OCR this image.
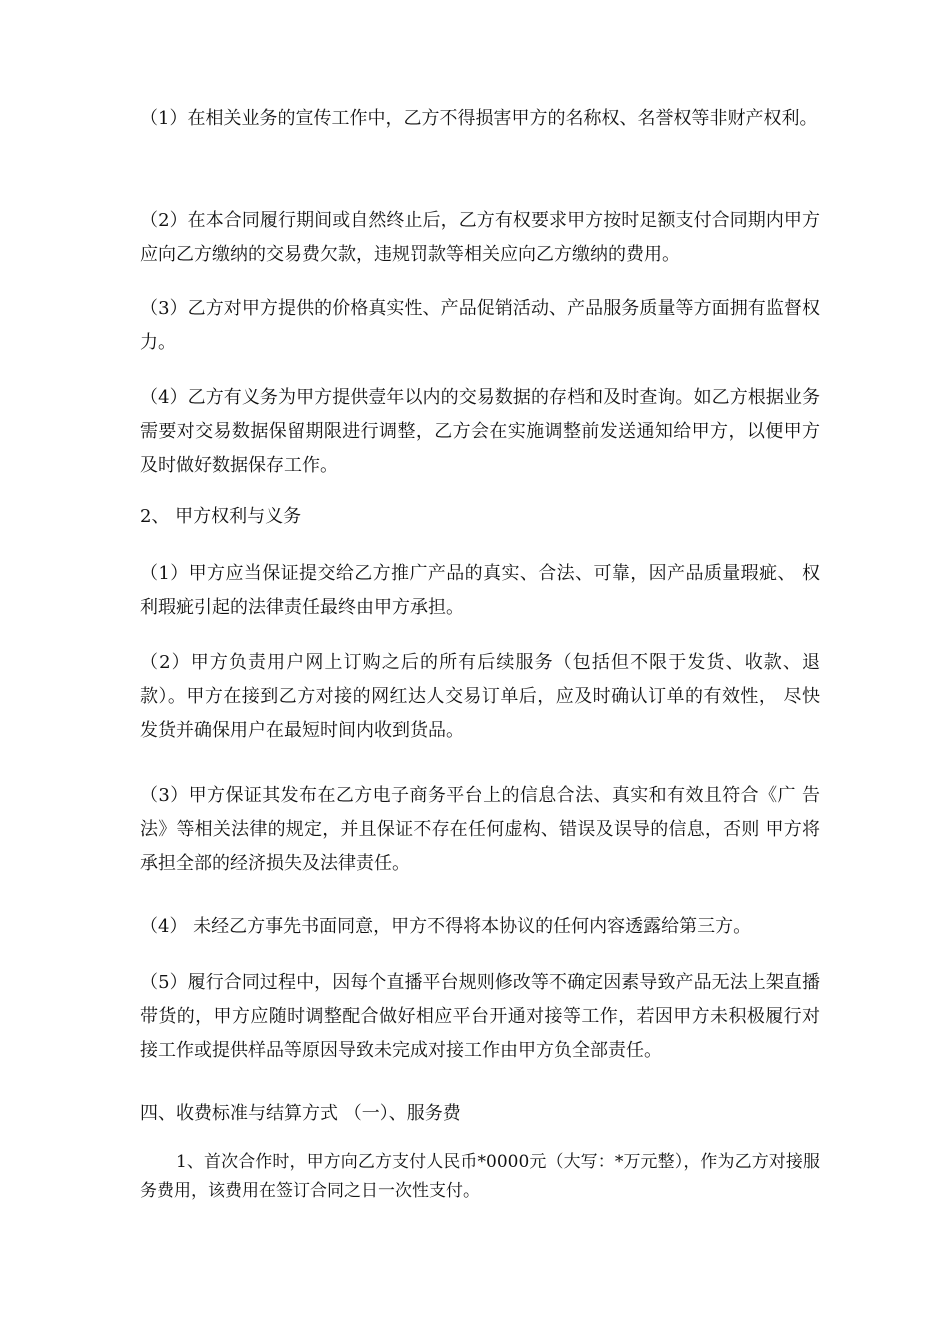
（1）在相关业务的宣传工作中，乙方不得损害甲方的名称权、名誉权等非财产权利。
（2）在本合同履行期间或自然终止后，乙方有权要求甲方按时足额支付合同期内甲方应向乙方缴纳的交易费欠款，违规罚款等相关应向乙方缴纳的费用。
（3）乙方对甲方提供的价格真实性、产品促销活动、产品服务质量等方面拥有监督权力。
（4）乙方有义务为甲方提供壹年以内的交易数据的存档和及时查询。如乙方根据业务需要对交易数据保留期限进行调整，乙方会在实施调整前发送通知给甲方，以便甲方及时做好数据保存工作。
2、 甲方权利与义务
（1）甲方应当保证提交给乙方推广产品的真实、合法、可靠，因产品质量瑕疵、 权利瑕疵引起的法律责任最终由甲方承担。
（2）甲方负责用户网上订购之后的所有后续服务（包括但不限于发货、收款、退款）。甲方在接到乙方对接的网红达人交易订单后，应及时确认订单的有效性， 尽快发货并确保用户在最短时间内收到货品。
（3）甲方保证其发布在乙方电子商务平台上的信息合法、真实和有效且符合《广 告法》等相关法律的规定，并且保证不存在任何虚构、错误及误导的信息，否则 甲方将承担全部的经济损失及法律责任。
（4） 未经乙方事先书面同意，甲方不得将本协议的任何内容透露给第三方。
（5）履行合同过程中，因每个直播平台规则修改等不确定因素导致产品无法上架直播带货的，甲方应随时调整配合做好相应平台开通对接等工作，若因甲方未积极履行对接工作或提供样品等原因导致未完成对接工作由甲方负全部责任。
四、收费标准与结算方式 （一）、服务费
1、首次合作时，甲方向乙方支付人民币*0000元（大写：*万元整），作为乙方对接服务费用，该费用在签订合同之日一次性支付。
